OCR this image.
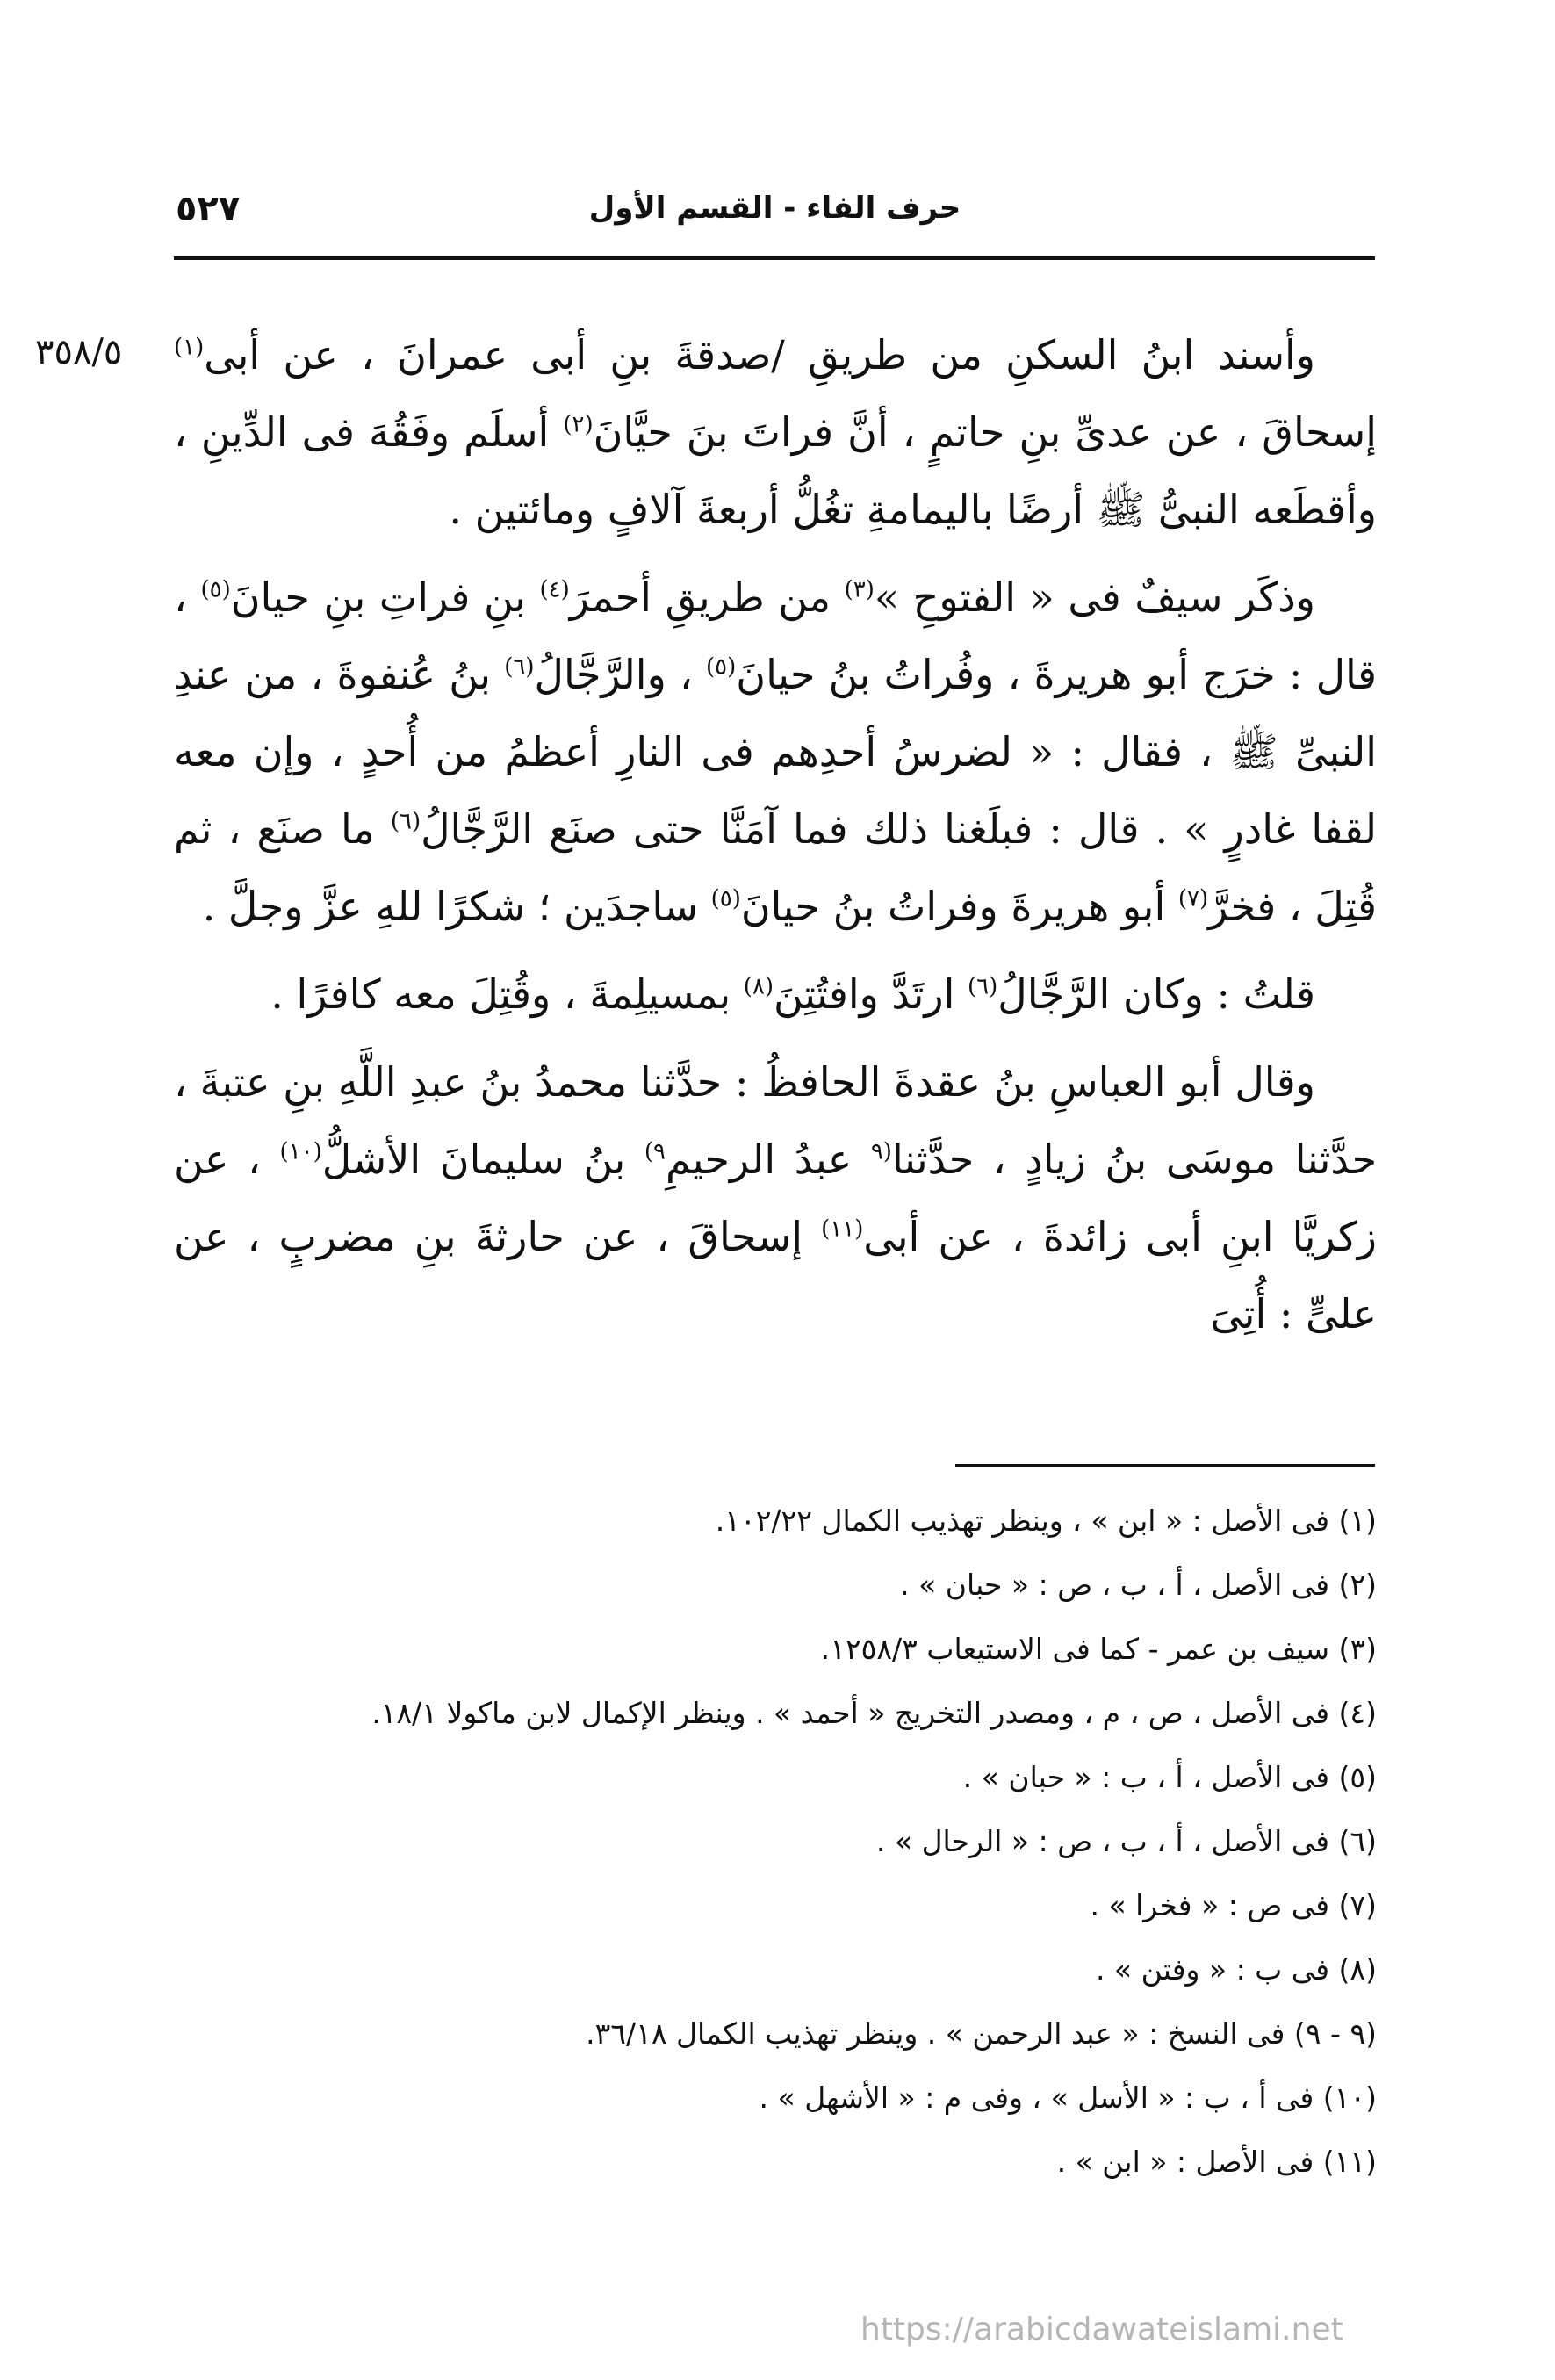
٥٢٧	حرف الفاء - القسم الأول
٣٥٨/٥	وأسند ابنُ السكنِ من طريقِ /صدقةَ بنِ أبى عمرانَ ، عن أبى$^{(١)}$ إسحاقَ ، عن عدىِّ بنِ حاتمٍ ، أنَّ فراتَ بنَ حيَّانَ$^{(٢)}$ أسلَم وفَقُهَ فى الدِّينِ ، وأقطَعه النبىُّ ﷺ أرضًا باليمامةِ تغُلُّ أربعةَ آلافٍ ومائتين .

وذكَر سيفٌ فى « الفتوحِ »$^{(٣)}$ من طريقِ أحمرَ$^{(٤)}$ بنِ فراتِ بنِ حيانَ$^{(٥)}$ ، قال : خرَج أبو هريرةَ ، وفُراتُ بنُ حيانَ$^{(٥)}$ ، والرَّجَّالُ$^{(٦)}$ بنُ عُنفوةَ ، من عندِ النبىِّ ﷺ ، فقال : « لضرسُ أحدِهم فى النارِ أعظمُ من أُحدٍ ، وإن معه لقفا غادرٍ » . قال : فبلَغنا ذلك فما آمَنَّا حتى صنَع الرَّجَّالُ$^{(٦)}$ ما صنَع ، ثم قُتِلَ ، فخرَّ$^{(٧)}$ أبو هريرةَ وفراتُ بنُ حيانَ$^{(٥)}$ ساجدَين ؛ شكرًا للهِ عزَّ وجلَّ .

قلتُ : وكان الرَّجَّالُ$^{(٦)}$ ارتَدَّ وافتُتِنَ$^{(٨)}$ بمسيلِمةَ ، وقُتِلَ معه كافرًا .

وقال أبو العباسِ بنُ عقدةَ الحافظُ : حدَّثنا محمدُ بنُ عبدِ اللَّهِ بنِ عتبةَ ، حدَّثنا موسَى بنُ زيادٍ ، حدَّثنا$^{(٩}$ عبدُ الرحيمِ$^{٩)}$ بنُ سليمانَ الأشلُّ$^{(١٠)}$ ، عن زكريَّا ابنِ أبى زائدةَ ، عن أبى$^{(١١)}$ إسحاقَ ، عن حارثةَ بنِ مضربٍ ، عن علىٍّ : أُتِىَ

(١) فى الأصل : « ابن » ، وينظر تهذيب الكمال ١٠٢/٢٢.

(٢) فى الأصل ، أ ، ب ، ص : « حبان » .

(٣) سيف بن عمر - كما فى الاستيعاب ١٢٥٨/٣.

(٤) فى الأصل ، ص ، م ، ومصدر التخريج « أحمد » . وينظر الإكمال لابن ماكولا ١٨/١.

(٥) فى الأصل ، أ ، ب : « حبان » .

(٦) فى الأصل ، أ ، ب ، ص : « الرحال » .

(٧) فى ص : « فخرا » .

(٨) فى ب : « وفتن » .

(٩ - ٩) فى النسخ : « عبد الرحمن » . وينظر تهذيب الكمال ٣٦/١٨.

(١٠) فى أ ، ب : « الأسل » ، وفى م : « الأشهل » .

(١١) فى الأصل : « ابن » .

https://arabicdawateislami.net
